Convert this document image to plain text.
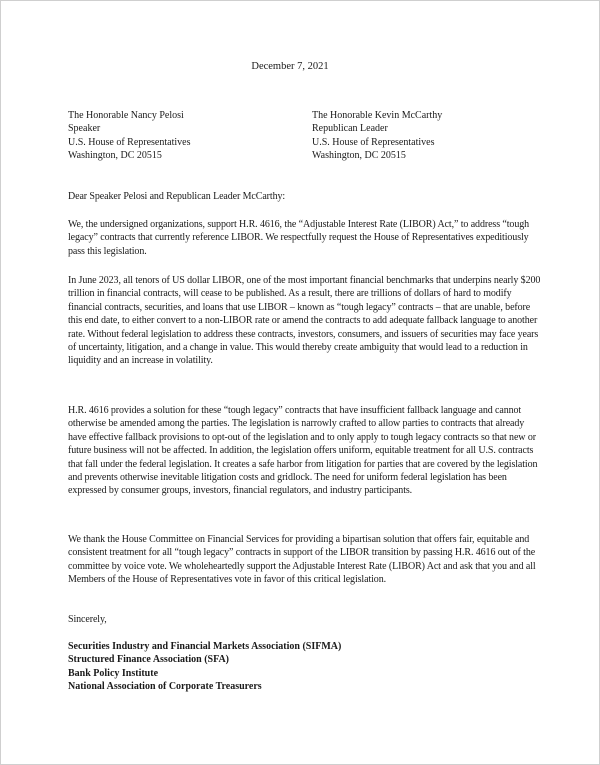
December 7, 2021
The Honorable Nancy Pelosi
Speaker
U.S. House of Representatives
Washington, DC 20515
The Honorable Kevin McCarthy
Republican Leader
U.S. House of Representatives
Washington, DC 20515

Dear Speaker Pelosi and Republican Leader McCarthy:

We, the undersigned organizations, support H.R. 4616, the “Adjustable Interest Rate (LIBOR) Act,” to address “tough legacy” contracts that currently reference LIBOR. We respectfully request the House of Representatives expeditiously pass this legislation.

In June 2023, all tenors of US dollar LIBOR, one of the most important financial benchmarks that underpins nearly $200 trillion in financial contracts, will cease to be published. As a result, there are trillions of dollars of hard to modify financial contracts, securities, and loans that use LIBOR – known as “tough legacy” contracts – that are unable, before this end date, to either convert to a non-LIBOR rate or amend the contracts to add adequate fallback language to another rate. Without federal legislation to address these contracts, investors, consumers, and issuers of securities may face years of uncertainty, litigation, and a change in value. This would thereby create ambiguity that would lead to a reduction in liquidity and an increase in volatility.

H.R. 4616 provides a solution for these “tough legacy” contracts that have insufficient fallback language and cannot otherwise be amended among the parties. The legislation is narrowly crafted to allow parties to contracts that already have effective fallback provisions to opt-out of the legislation and to only apply to tough legacy contracts so that new or future business will not be affected. In addition, the legislation offers uniform, equitable treatment for all U.S. contracts that fall under the federal legislation. It creates a safe harbor from litigation for parties that are covered by the legislation and prevents otherwise inevitable litigation costs and gridlock. The need for uniform federal legislation has been expressed by consumer groups, investors, financial regulators, and industry participants.

We thank the House Committee on Financial Services for providing a bipartisan solution that offers fair, equitable and consistent treatment for all “tough legacy” contracts in support of the LIBOR transition by passing H.R. 4616 out of the committee by voice vote. We wholeheartedly support the Adjustable Interest Rate (LIBOR) Act and ask that you and all Members of the House of Representatives vote in favor of this critical legislation.

Sincerely,

Securities Industry and Financial Markets Association (SIFMA)
Structured Finance Association (SFA)
Bank Policy Institute
National Association of Corporate Treasurers
